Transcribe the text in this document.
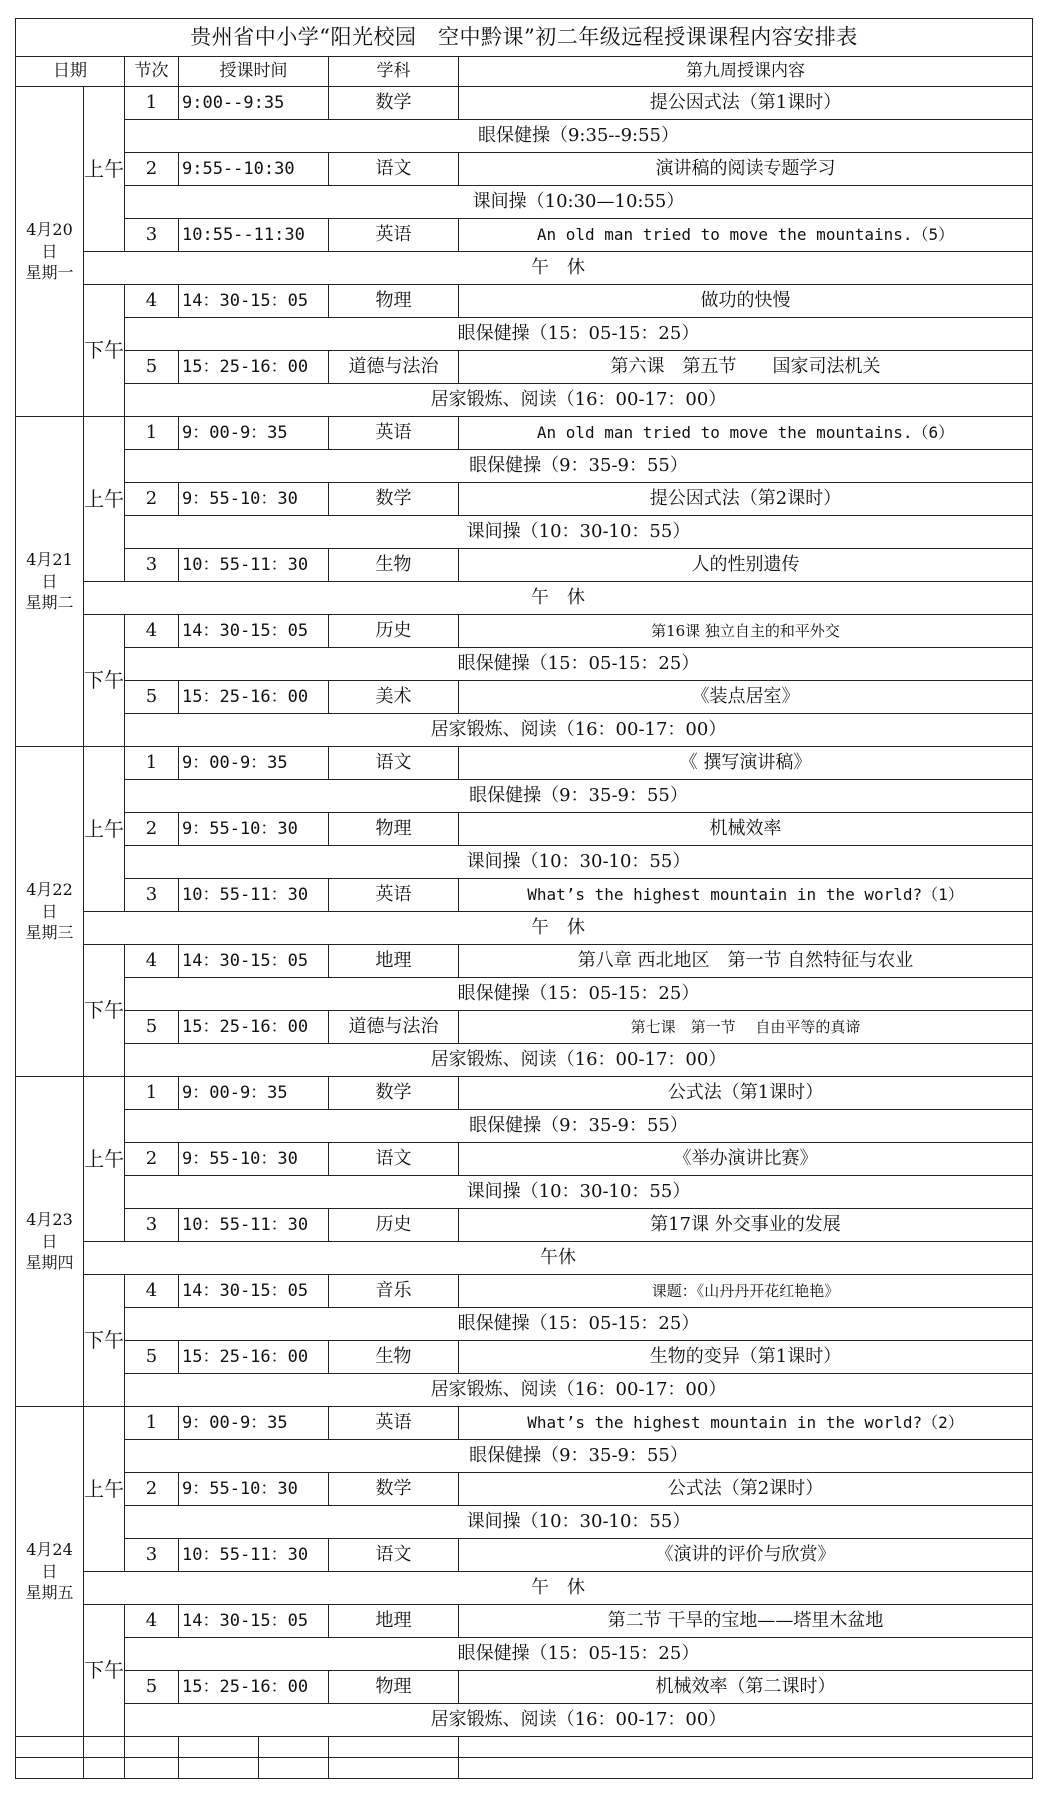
贵州省中小学“阳光校园　空中黔课”初二年级远程授课课程内容安排表						
日期		节次	授课时间		学科	第九周授课内容

4月20
日
星期一	上午	1	9:00--9:35		数学	提公因式法（第1课时）
		眼保健操（9:35--9:55）				
		2	9:55--10:30		语文	演讲稿的阅读专题学习
		课间操（10:30—10:55）				
		3	10:55--11:30		英语	An old man tried to move the mountains.（5）
	午　休					
	下午	4	14：30-15：05		物理	做功的快慢
		眼保健操（15：05-15：25）				
		5	15：25-16：00		道德与法治	第六课　第五节　　国家司法机关
		居家锻炼、阅读（16：00-17：00）				

4月21
日
星期二	上午	1	9：00-9：35		英语	An old man tried to move the mountains.（6）
		眼保健操（9：35-9：55）				
		2	9：55-10：30		数学	提公因式法（第2课时）
		课间操（10：30-10：55）				
		3	10：55-11：30		生物	人的性别遗传
	午　休					
	下午	4	14：30-15：05		历史	第16课 独立自主的和平外交
		眼保健操（15：05-15：25）				
		5	15：25-16：00		美术	《装点居室》
		居家锻炼、阅读（16：00-17：00）				

4月22
日
星期三	上午	1	9：00-9：35		语文	《 撰写演讲稿》
		眼保健操（9：35-9：55）				
		2	9：55-10：30		物理	机械效率
		课间操（10：30-10：55）				
		3	10：55-11：30		英语	What’s the highest mountain in the world?（1）
	午　休					
	下午	4	14：30-15：05		地理	第八章 西北地区　第一节 自然特征与农业
		眼保健操（15：05-15：25）				
		5	15：25-16：00		道德与法治	第七课　第一节　 自由平等的真谛
		居家锻炼、阅读（16：00-17：00）				

4月23
日
星期四	上午	1	9：00-9：35		数学	公式法（第1课时）
		眼保健操（9：35-9：55）				
		2	9：55-10：30		语文	《举办演讲比赛》
		课间操（10：30-10：55）				
		3	10：55-11：30		历史	第17课 外交事业的发展
	午休					
	下午	4	14：30-15：05		音乐	课题：《山丹丹开花红艳艳》
		眼保健操（15：05-15：25）				
		5	15：25-16：00		生物	生物的变异（第1课时）
		居家锻炼、阅读（16：00-17：00）				

4月24
日
星期五	上午	1	9：00-9：35		英语	What’s the highest mountain in the world?（2）
		眼保健操（9：35-9：55）				
		2	9：55-10：30		数学	公式法（第2课时）
		课间操（10：30-10：55）				
		3	10：55-11：30		语文	《演讲的评价与欣赏》
	午　休					
	下午	4	14：30-15：05		地理	第二节 干旱的宝地——塔里木盆地
		眼保健操（15：05-15：25）				
		5	15：25-16：00		物理	机械效率（第二课时）
		居家锻炼、阅读（16：00-17：00）				
